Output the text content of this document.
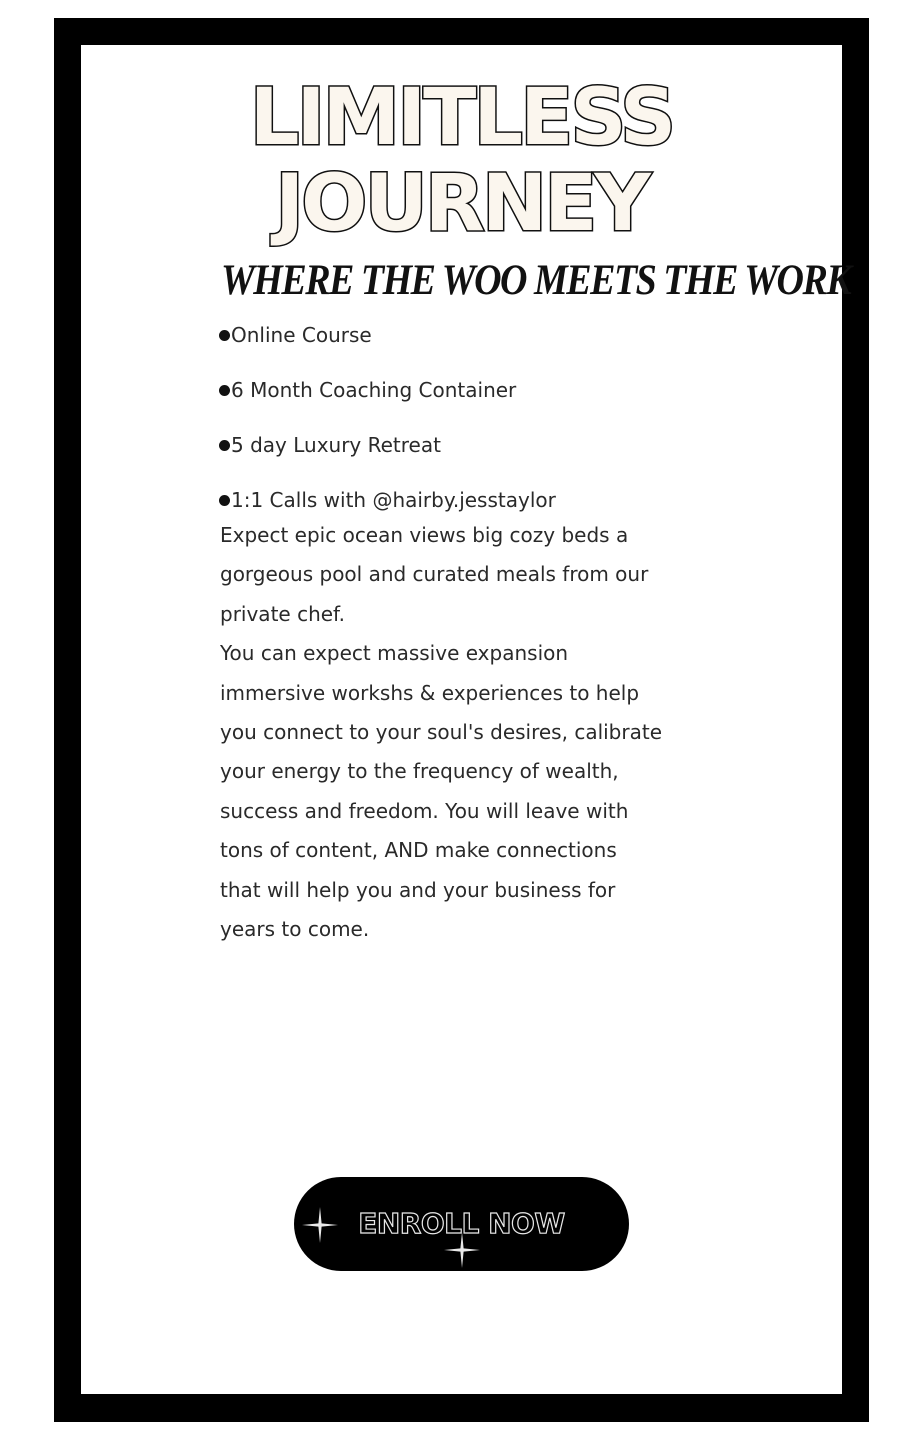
LIMITLESS
JOURNEY
WHERE THE WOO MEETS THE WORK
Online Course
6 Month Coaching Container
5 day Luxury Retreat
1:1 Calls with @hairby.jesstaylor

Expect epic ocean views big cozy beds a
gorgeous pool and curated meals from our
private chef.

You can expect massive expansion
immersive workshs & experiences to help
you connect to your soul's desires, calibrate
your energy to the frequency of wealth,
success and freedom. You will leave with
tons of content, AND make connections
that will help you and your business for
years to come.

ENROLL NOW
